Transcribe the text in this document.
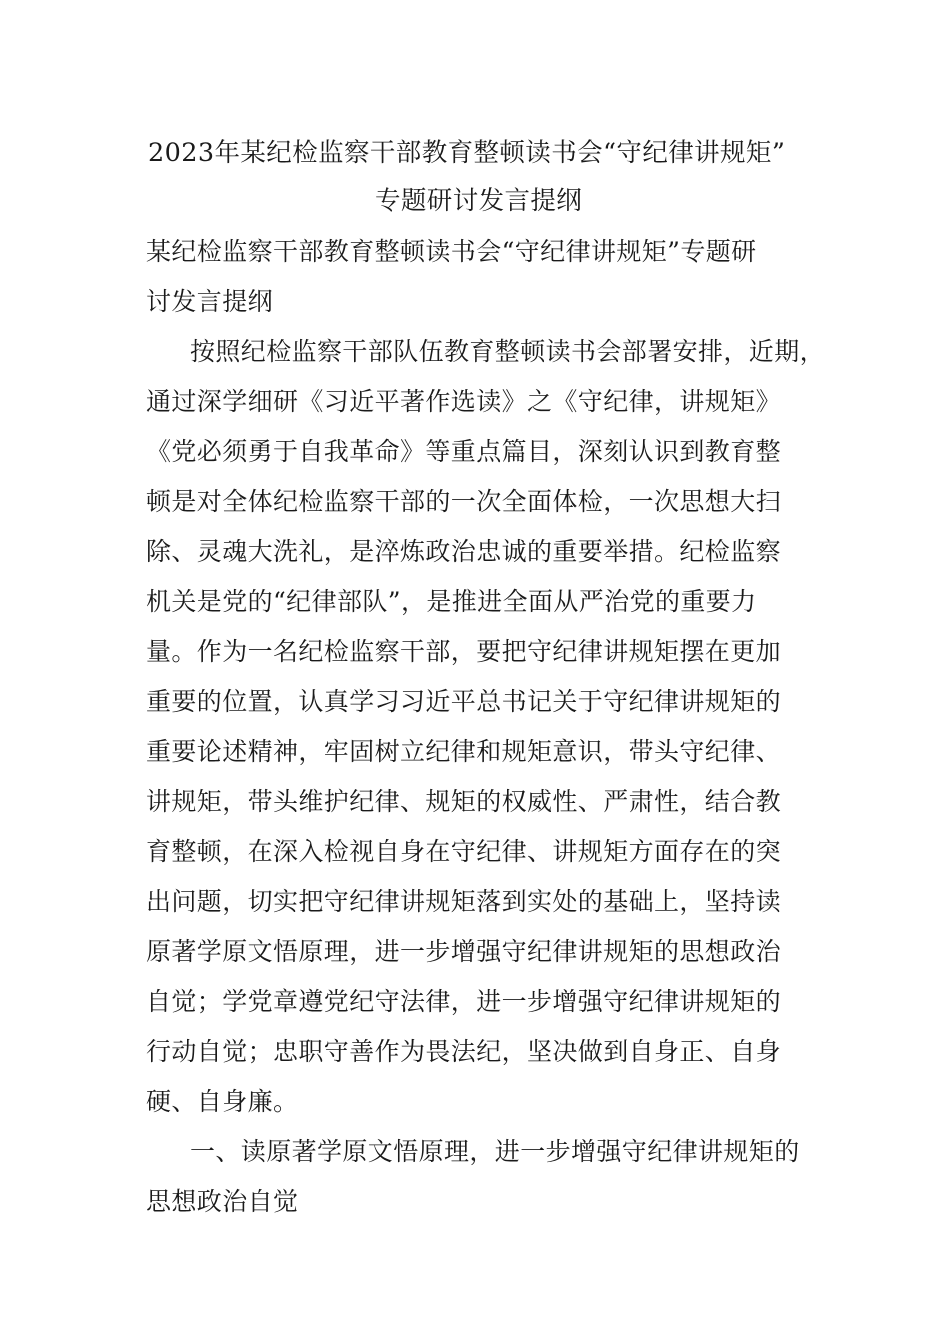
2023年某纪检监察干部教育整顿读书会“守纪律讲规矩”
专题研讨发言提纲
某纪检监察干部教育整顿读书会“守纪律讲规矩”专题研
讨发言提纲
按照纪检监察干部队伍教育整顿读书会部署安排，近期，
通过深学细研《习近平著作选读》之《守纪律，讲规矩》
《党必须勇于自我革命》等重点篇目，深刻认识到教育整
顿是对全体纪检监察干部的一次全面体检，一次思想大扫
除、灵魂大洗礼，是淬炼政治忠诚的重要举措。纪检监察
机关是党的“纪律部队”，是推进全面从严治党的重要力
量。作为一名纪检监察干部，要把守纪律讲规矩摆在更加
重要的位置，认真学习习近平总书记关于守纪律讲规矩的
重要论述精神，牢固树立纪律和规矩意识，带头守纪律、
讲规矩，带头维护纪律、规矩的权威性、严肃性，结合教
育整顿，在深入检视自身在守纪律、讲规矩方面存在的突
出问题，切实把守纪律讲规矩落到实处的基础上，坚持读
原著学原文悟原理，进一步增强守纪律讲规矩的思想政治
自觉；学党章遵党纪守法律，进一步增强守纪律讲规矩的
行动自觉；忠职守善作为畏法纪，坚决做到自身正、自身
硬、自身廉。
一、读原著学原文悟原理，进一步增强守纪律讲规矩的
思想政治自觉
